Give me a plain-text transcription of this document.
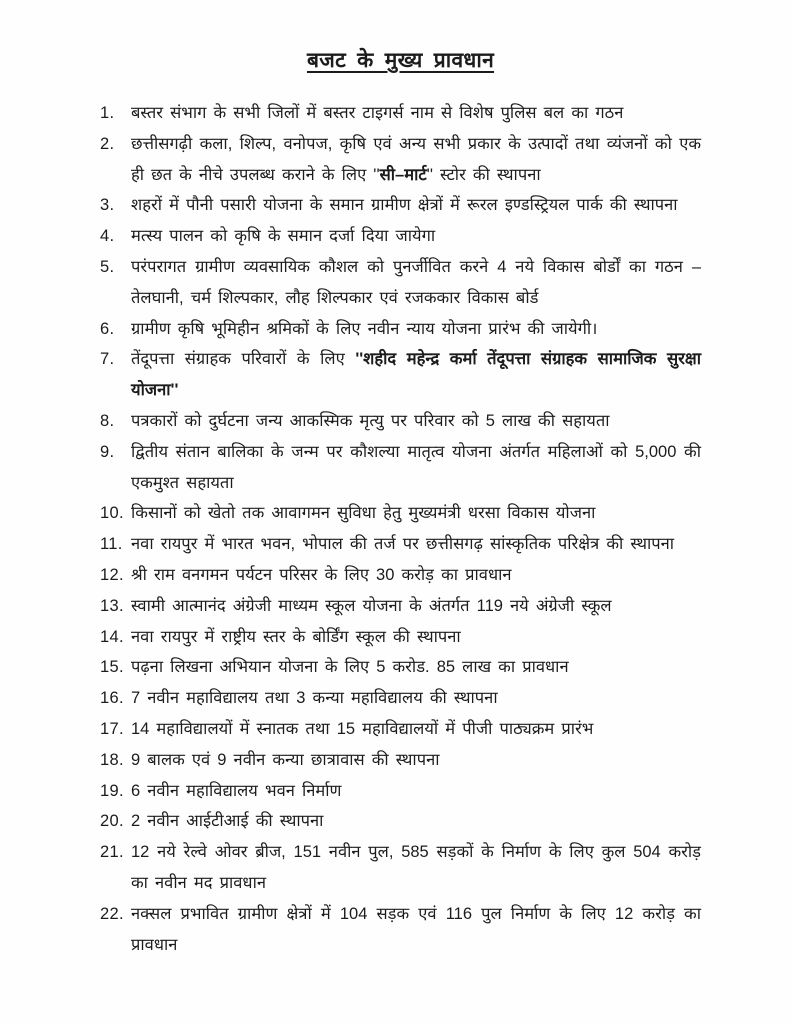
बजट के मुख्य प्रावधान
1.	बस्तर संभाग के सभी जिलों में बस्तर टाइगर्स नाम से विशेष पुलिस बल का गठन
2.	छत्तीसगढ़ी कला, शिल्प, वनोपज, कृषि एवं अन्य सभी प्रकार के उत्पादों तथा व्यंजनों को एक ही छत के नीचे उपलब्ध कराने के लिए ''सी–मार्ट'' स्टोर की स्थापना
3.	शहरों में पौनी पसारी योजना के समान ग्रामीण क्षेत्रों में रूरल इण्डस्ट्रियल पार्क की स्थापना
4.	मत्स्य पालन को कृषि के समान दर्जा दिया जायेगा
5.	परंपरागत ग्रामीण व्यवसायिक कौशल को पुनर्जीवित करने 4 नये विकास बोर्डों का गठन – तेलघानी, चर्म शिल्पकार, लौह शिल्पकार एवं रजककार विकास बोर्ड
6.	ग्रामीण कृषि भूमिहीन श्रमिकों के लिए नवीन न्याय योजना प्रारंभ की जायेगी।
7.	तेंदूपत्ता संग्राहक परिवारों के लिए ''शहीद महेन्द्र कर्मा तेंदूपत्ता संग्राहक सामाजिक सुरक्षा योजना''
8.	पत्रकारों को दुर्घटना जन्य आकस्मिक मृत्यु पर परिवार को 5 लाख की सहायता
9.	द्वितीय संतान बालिका के जन्म पर कौशल्या मातृत्व योजना अंतर्गत महिलाओं को 5,000 की एकमुश्त सहायता
10. किसानों को खेतो तक आवागमन सुविधा हेतु मुख्यमंत्री धरसा विकास योजना
11. नवा रायपुर में भारत भवन, भोपाल की तर्ज पर छत्तीसगढ़ सांस्कृतिक परिक्षेत्र की स्थापना
12. श्री राम वनगमन पर्यटन परिसर के लिए 30 करोड़ का प्रावधान
13. स्वामी आत्मानंद अंग्रेजी माध्यम स्कूल योजना के अंतर्गत 119 नये अंग्रेजी स्कूल
14. नवा रायपुर में राष्ट्रीय स्तर के बोर्डिंग स्कूल की स्थापना
15. पढ़ना लिखना अभियान योजना के लिए 5 करोड. 85 लाख का प्रावधान
16. 7 नवीन महाविद्यालय तथा 3 कन्या महाविद्यालय की स्थापना
17. 14 महाविद्यालयों में स्नातक तथा 15 महाविद्यालयों में पीजी पाठ्यक्रम प्रारंभ
18. 9 बालक एवं 9 नवीन कन्या छात्रावास की स्थापना
19. 6 नवीन महाविद्यालय भवन निर्माण
20. 2 नवीन आईटीआई की स्थापना
21. 12 नये रेल्वे ओवर ब्रीज, 151 नवीन पुल, 585 सड़कों के निर्माण के लिए कुल 504 करोड़ का नवीन मद प्रावधान
22. नक्सल प्रभावित ग्रामीण क्षेत्रों में 104 सड़क एवं 116 पुल निर्माण के लिए 12 करोड़ का प्रावधान
